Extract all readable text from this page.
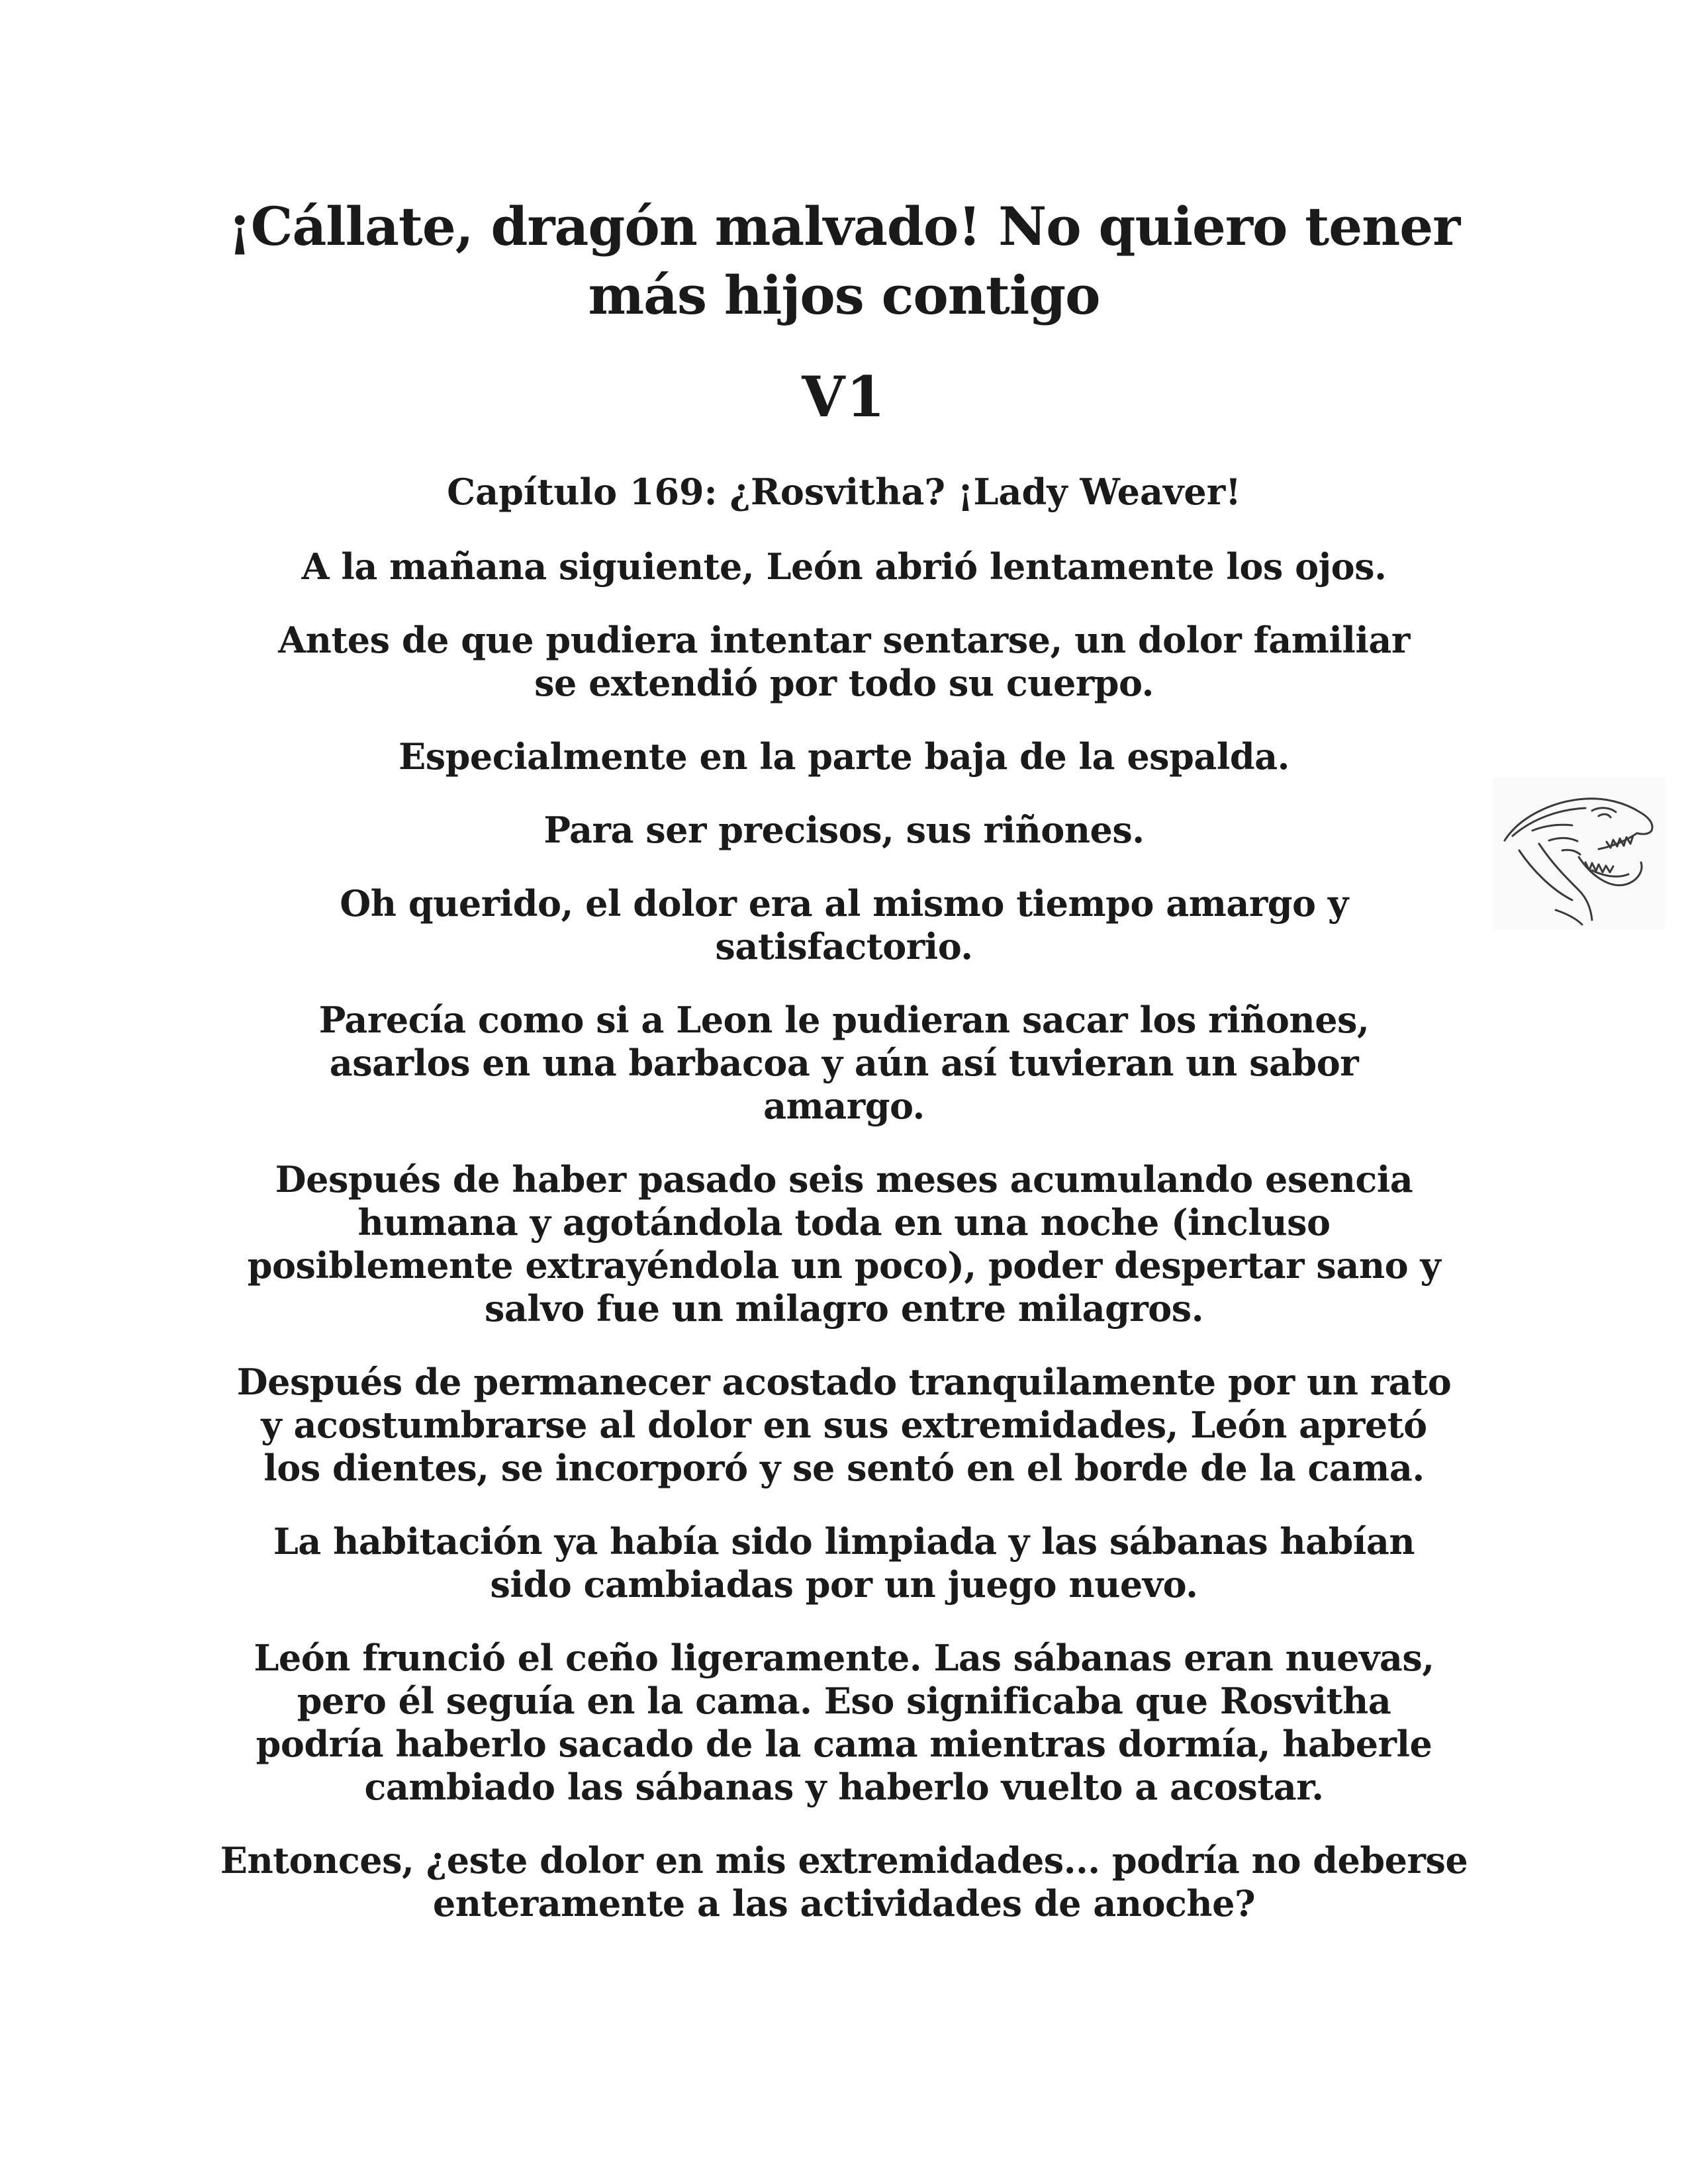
¡Cállate, dragón malvado! No quiero tener más hijos contigo
V1
Capítulo 169: ¿Rosvitha? ¡Lady Weaver!

A la mañana siguiente, León abrió lentamente los ojos.

Antes de que pudiera intentar sentarse, un dolor familiar se extendió por todo su cuerpo.

Especialmente en la parte baja de la espalda.

Para ser precisos, sus riñones.

Oh querido, el dolor era al mismo tiempo amargo y satisfactorio.

Parecía como si a Leon le pudieran sacar los riñones, asarlos en una barbacoa y aún así tuvieran un sabor amargo.

Después de haber pasado seis meses acumulando esencia humana y agotándola toda en una noche (incluso posiblemente extrayéndola un poco), poder despertar sano y salvo fue un milagro entre milagros.

Después de permanecer acostado tranquilamente por un rato y acostumbrarse al dolor en sus extremidades, León apretó los dientes, se incorporó y se sentó en el borde de la cama.

La habitación ya había sido limpiada y las sábanas habían sido cambiadas por un juego nuevo.

León frunció el ceño ligeramente. Las sábanas eran nuevas, pero él seguía en la cama. Eso significaba que Rosvitha podría haberlo sacado de la cama mientras dormía, haberle cambiado las sábanas y haberlo vuelto a acostar.

Entonces, ¿este dolor en mis extremidades... podría no deberse enteramente a las actividades de anoche?
